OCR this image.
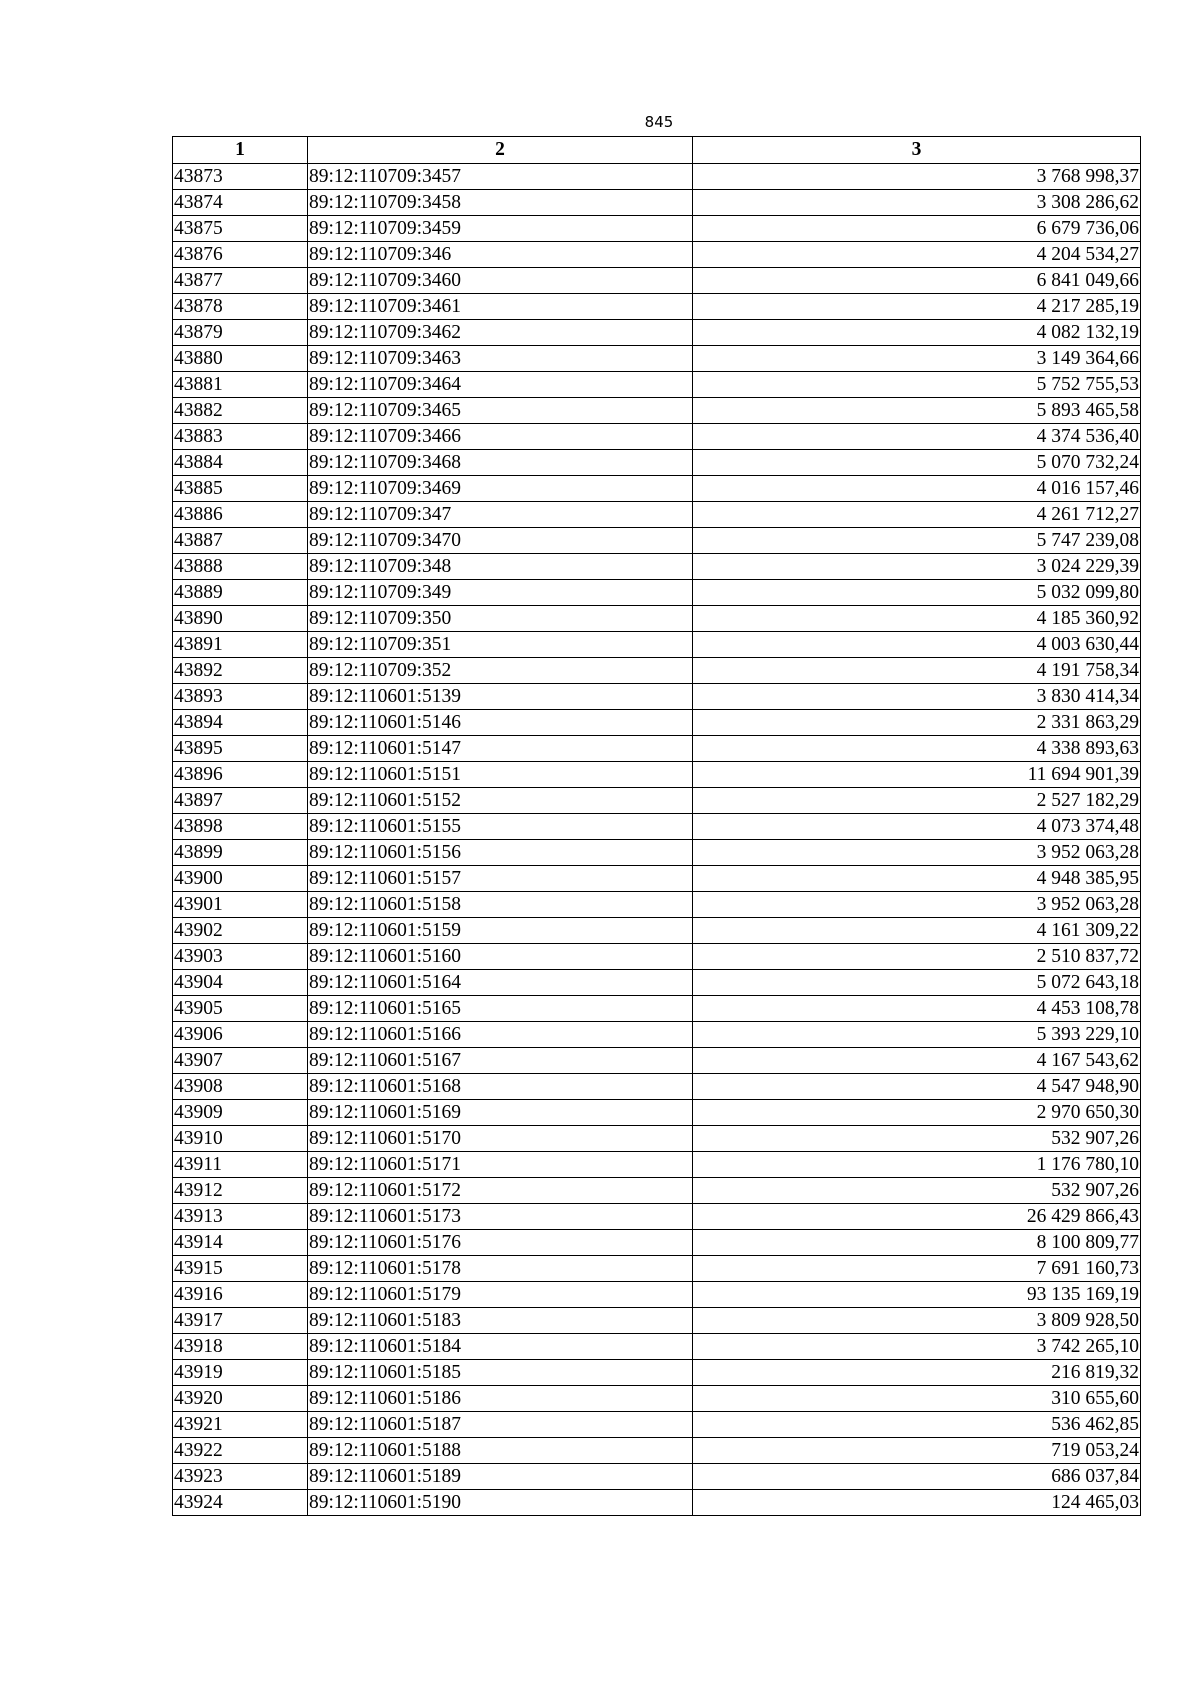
845
1	2	3
43873	89:12:110709:3457	3 768 998,37
43874	89:12:110709:3458	3 308 286,62
43875	89:12:110709:3459	6 679 736,06
43876	89:12:110709:346	4 204 534,27
43877	89:12:110709:3460	6 841 049,66
43878	89:12:110709:3461	4 217 285,19
43879	89:12:110709:3462	4 082 132,19
43880	89:12:110709:3463	3 149 364,66
43881	89:12:110709:3464	5 752 755,53
43882	89:12:110709:3465	5 893 465,58
43883	89:12:110709:3466	4 374 536,40
43884	89:12:110709:3468	5 070 732,24
43885	89:12:110709:3469	4 016 157,46
43886	89:12:110709:347	4 261 712,27
43887	89:12:110709:3470	5 747 239,08
43888	89:12:110709:348	3 024 229,39
43889	89:12:110709:349	5 032 099,80
43890	89:12:110709:350	4 185 360,92
43891	89:12:110709:351	4 003 630,44
43892	89:12:110709:352	4 191 758,34
43893	89:12:110601:5139	3 830 414,34
43894	89:12:110601:5146	2 331 863,29
43895	89:12:110601:5147	4 338 893,63
43896	89:12:110601:5151	11 694 901,39
43897	89:12:110601:5152	2 527 182,29
43898	89:12:110601:5155	4 073 374,48
43899	89:12:110601:5156	3 952 063,28
43900	89:12:110601:5157	4 948 385,95
43901	89:12:110601:5158	3 952 063,28
43902	89:12:110601:5159	4 161 309,22
43903	89:12:110601:5160	2 510 837,72
43904	89:12:110601:5164	5 072 643,18
43905	89:12:110601:5165	4 453 108,78
43906	89:12:110601:5166	5 393 229,10
43907	89:12:110601:5167	4 167 543,62
43908	89:12:110601:5168	4 547 948,90
43909	89:12:110601:5169	2 970 650,30
43910	89:12:110601:5170	532 907,26
43911	89:12:110601:5171	1 176 780,10
43912	89:12:110601:5172	532 907,26
43913	89:12:110601:5173	26 429 866,43
43914	89:12:110601:5176	8 100 809,77
43915	89:12:110601:5178	7 691 160,73
43916	89:12:110601:5179	93 135 169,19
43917	89:12:110601:5183	3 809 928,50
43918	89:12:110601:5184	3 742 265,10
43919	89:12:110601:5185	216 819,32
43920	89:12:110601:5186	310 655,60
43921	89:12:110601:5187	536 462,85
43922	89:12:110601:5188	719 053,24
43923	89:12:110601:5189	686 037,84
43924	89:12:110601:5190	124 465,03
